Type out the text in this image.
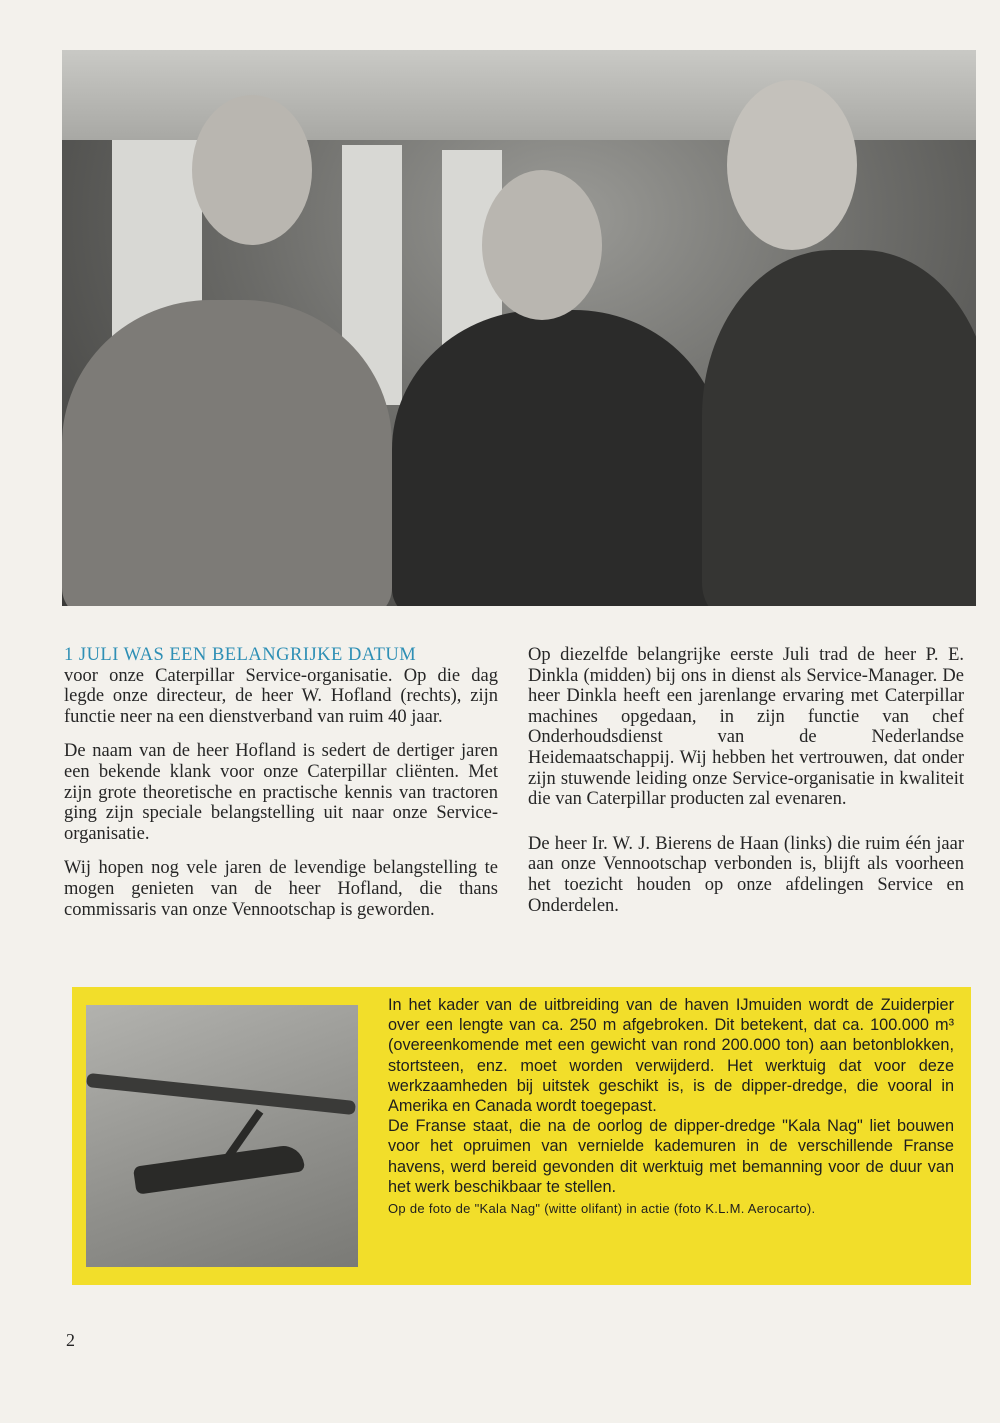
1 JULI WAS EEN BELANGRIJKE DATUM
voor onze Caterpillar Service-organisatie. Op die dag legde onze directeur, de heer W. Hofland (rechts), zijn functie neer na een dienstverband van ruim 40 jaar.

De naam van de heer Hofland is sedert de dertiger jaren een bekende klank voor onze Caterpillar cliënten. Met zijn grote theoretische en practische kennis van tractoren ging zijn speciale belangstelling uit naar onze Service-organisatie.

Wij hopen nog vele jaren de levendige belangstelling te mogen genieten van de heer Hofland, die thans commissaris van onze Vennootschap is geworden.

Op diezelfde belangrijke eerste Juli trad de heer P. E. Dinkla (midden) bij ons in dienst als Service-Manager. De heer Dinkla heeft een jarenlange ervaring met Caterpillar machines opgedaan, in zijn functie van chef Onderhoudsdienst van de Nederlandse Heidemaatschappij. Wij hebben het vertrouwen, dat onder zijn stuwende leiding onze Service-organisatie in kwaliteit die van Caterpillar producten zal evenaren.

De heer Ir. W. J. Bierens de Haan (links) die ruim één jaar aan onze Vennootschap verbonden is, blijft als voorheen het toezicht houden op onze afdelingen Service en Onderdelen.

In het kader van de uitbreiding van de haven IJmuiden wordt de Zuiderpier over een lengte van ca. 250 m afgebroken. Dit betekent, dat ca. 100.000 m³ (overeenkomende met een gewicht van rond 200.000 ton) aan betonblokken, stortsteen, enz. moet worden verwijderd. Het werktuig dat voor deze werkzaamheden bij uitstek geschikt is, is de dipper-dredge, die vooral in Amerika en Canada wordt toegepast.

De Franse staat, die na de oorlog de dipper-dredge "Kala Nag" liet bouwen voor het opruimen van vernielde kademuren in de verschillende Franse havens, werd bereid gevonden dit werktuig met bemanning voor de duur van het werk beschikbaar te stellen.

Op de foto de "Kala Nag" (witte olifant) in actie (foto K.L.M. Aerocarto).

2
